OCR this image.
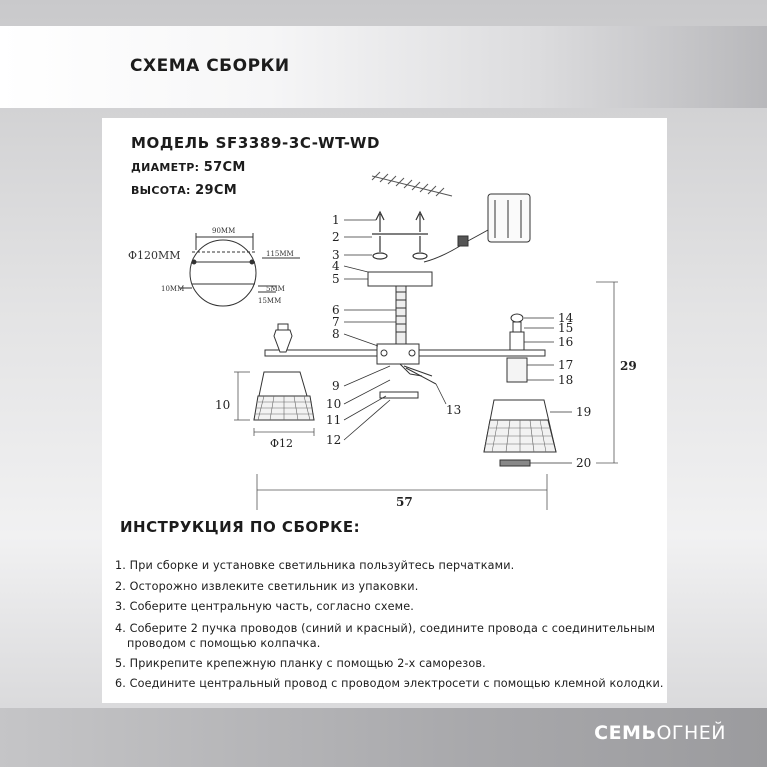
СХЕМА СБОРКИ
МОДЕЛЬ SF3389-3C-WT-WD
ДИАМЕТР: 57СМ
ВЫСОТА: 29СМ
Φ120MM
90MM
115MM
10MM	5MM
15MM
1
2
3
4
5
6
7
8
9
10
11
12
13
14
15
16
17
18
19
20
10
Φ12
29
57
ИНСТРУКЦИЯ ПО СБОРКЕ:

1. При сборке и установке светильника пользуйтесь перчатками.

2. Осторожно извлеките светильник из упаковки.

3. Соберите центральную часть, согласно схеме.

4. Соберите 2 пучка проводов (синий и красный), соедините провода с соединительным

проводом с помощью колпачка.

5. Прикрепите крепежную планку с помощью 2-х саморезов.

6. Соедините центральный провод с проводом электросети с помощью клемной колодки.

СЕМЬОГНЕЙ
